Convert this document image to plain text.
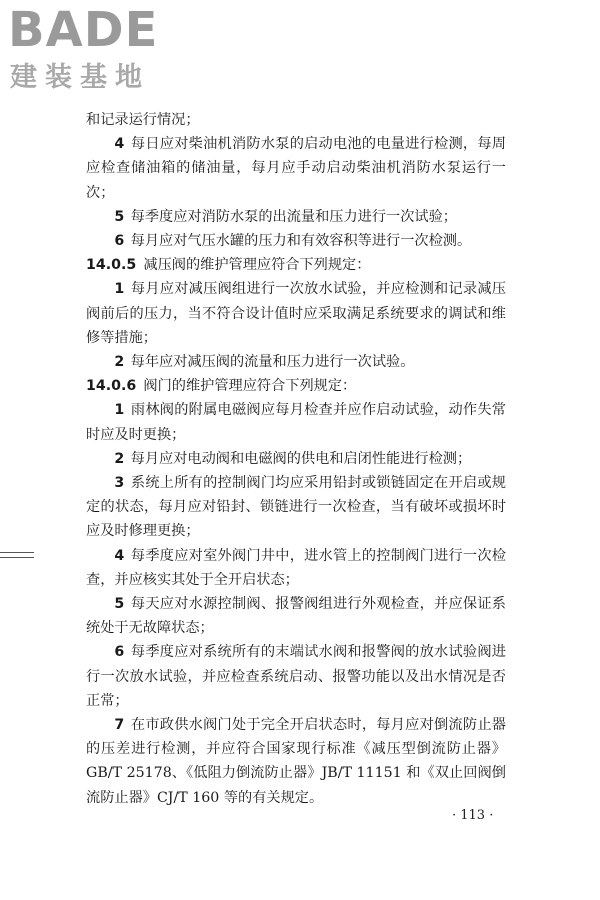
BADE
建装基地

和记录运行情况；

4 每日应对柴油机消防水泵的启动电池的电量进行检测，每周应检查储油箱的储油量，每月应手动启动柴油机消防水泵运行一次；

5 每季度应对消防水泵的出流量和压力进行一次试验；

6 每月应对气压水罐的压力和有效容积等进行一次检测。

14.0.5 减压阀的维护管理应符合下列规定：

1 每月应对减压阀组进行一次放水试验，并应检测和记录减压阀前后的压力，当不符合设计值时应采取满足系统要求的调试和维修等措施；

2 每年应对减压阀的流量和压力进行一次试验。

14.0.6 阀门的维护管理应符合下列规定：

1 雨林阀的附属电磁阀应每月检查并应作启动试验，动作失常时应及时更换；

2 每月应对电动阀和电磁阀的供电和启闭性能进行检测；

3 系统上所有的控制阀门均应采用铅封或锁链固定在开启或规定的状态，每月应对铅封、锁链进行一次检查，当有破坏或损坏时应及时修理更换；

4 每季度应对室外阀门井中，进水管上的控制阀门进行一次检查，并应核实其处于全开启状态；

5 每天应对水源控制阀、报警阀组进行外观检查，并应保证系统处于无故障状态；

6 每季度应对系统所有的末端试水阀和报警阀的放水试验阀进行一次放水试验，并应检查系统启动、报警功能以及出水情况是否正常；

7 在市政供水阀门处于完全开启状态时，每月应对倒流防止器的压差进行检测，并应符合国家现行标准《减压型倒流防止器》GB/T 25178、《低阻力倒流防止器》JB/T 11151 和《双止回阀倒流防止器》CJ/T 160 等的有关规定。

· 113 ·
